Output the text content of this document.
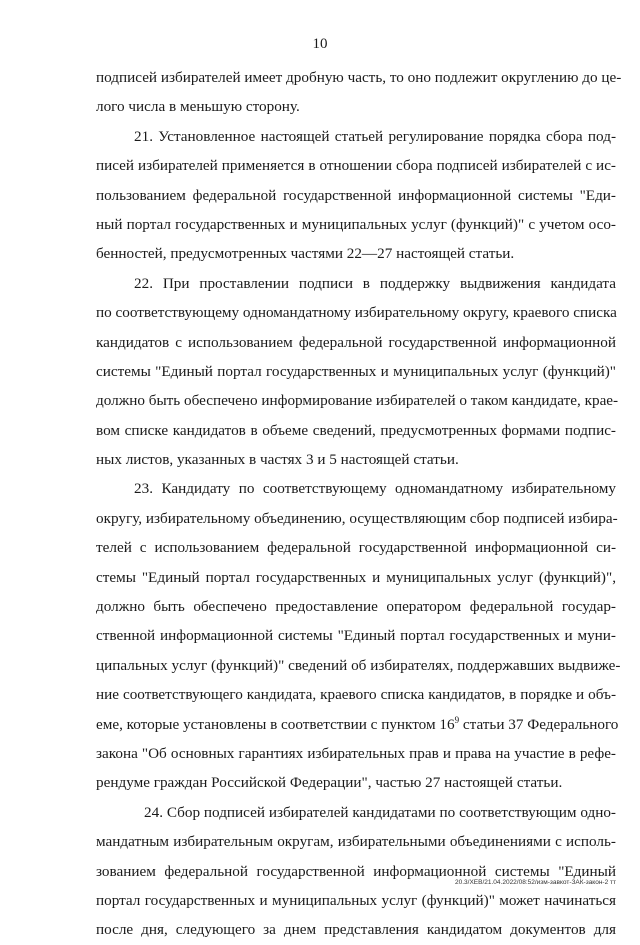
10
подписей избирателей имеет дробную часть, то оно подлежит округлению до це-
лого числа в меньшую сторону.
21. Установленное настоящей статьей регулирование порядка сбора под-
писей избирателей применяется в отношении сбора подписей избирателей с ис-
пользованием федеральной государственной информационной системы "Еди-
ный портал государственных и муниципальных услуг (функций)" с учетом осо-
бенностей, предусмотренных частями 22—27 настоящей статьи.
22. При проставлении подписи в поддержку выдвижения кандидата
по соответствующему одномандатному избирательному округу, краевого списка
кандидатов с использованием федеральной государственной информационной
системы "Единый портал государственных и муниципальных услуг (функций)"
должно быть обеспечено информирование избирателей о таком кандидате, крае-
вом списке кандидатов в объеме сведений, предусмотренных формами подпис-
ных листов, указанных в частях 3 и 5 настоящей статьи.
23. Кандидату по соответствующему одномандатному избирательному
округу, избирательному объединению, осуществляющим сбор подписей избира-
телей с использованием федеральной государственной информационной си-
стемы "Единый портал государственных и муниципальных услуг (функций)",
должно быть обеспечено предоставление оператором федеральной государ-
ственной информационной системы "Единый портал государственных и муни-
ципальных услуг (функций)" сведений об избирателях, поддержавших выдвиже-
ние соответствующего кандидата, краевого списка кандидатов, в порядке и объ-
еме, которые установлены в соответствии с пунктом $16^9$ статьи 37 Федерального
закона "Об основных гарантиях избирательных прав и права на участие в рефе-
рендуме граждан Российской Федерации", частью 27 настоящей статьи.
24. Сбор подписей избирателей кандидатами по соответствующим одно-
мандатным избирательным округам, избирательными объединениями с исполь-
зованием федеральной государственной информационной системы "Единый
портал государственных и муниципальных услуг (функций)" может начинаться
после дня, следующего за днем представления кандидатом документов для
20.3/ХЕВ/21.04.2022/08:52/изм-завкот-ЗАК-закон-2 тт
